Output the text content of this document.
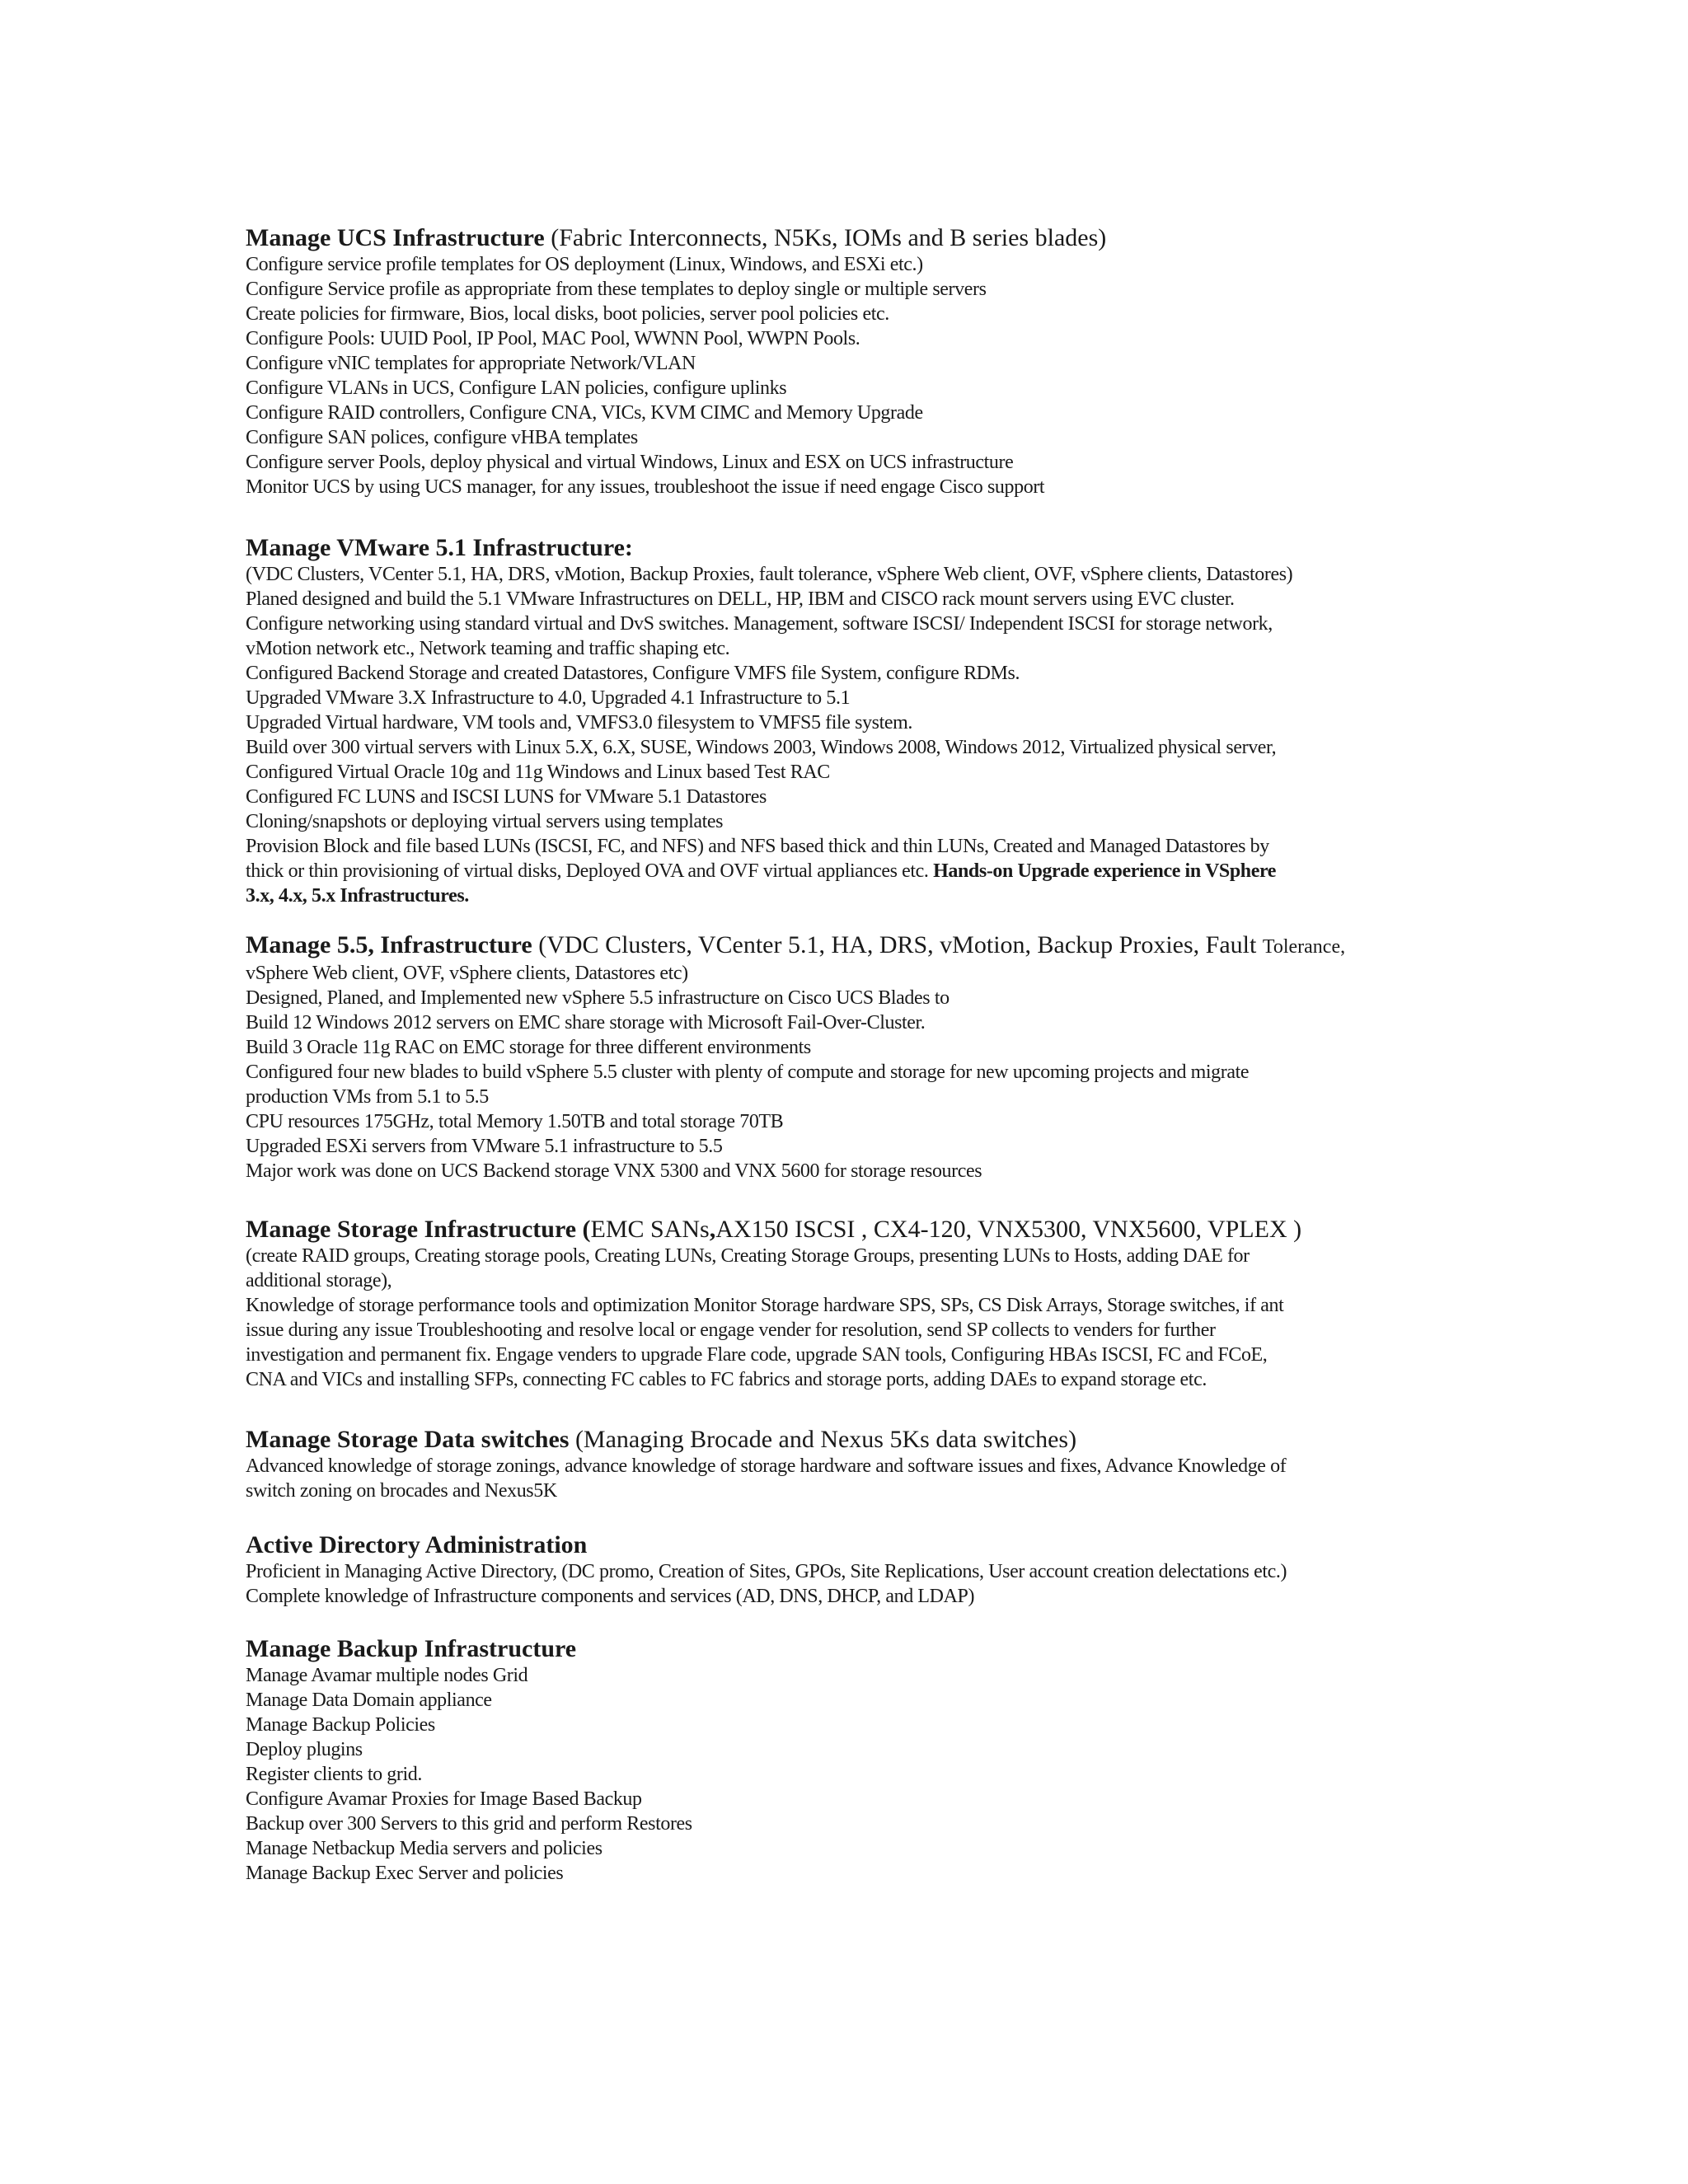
Manage UCS Infrastructure (Fabric Interconnects, N5Ks, IOMs and B series blades)

Configure service profile templates for OS deployment (Linux, Windows, and ESXi etc.)

Configure Service profile as appropriate from these templates to deploy single or multiple servers

Create policies for firmware, Bios, local disks, boot policies, server pool policies etc.

Configure Pools: UUID Pool, IP Pool, MAC Pool, WWNN Pool, WWPN Pools.

Configure vNIC templates for appropriate Network/VLAN

Configure VLANs in UCS, Configure LAN policies, configure uplinks

Configure RAID controllers, Configure CNA, VICs, KVM CIMC and Memory Upgrade

Configure SAN polices, configure vHBA templates

Configure server Pools, deploy physical and virtual Windows, Linux and ESX on UCS infrastructure

Monitor UCS by using UCS manager, for any issues, troubleshoot the issue if need engage Cisco support

Manage VMware 5.1 Infrastructure:

(VDC Clusters, VCenter 5.1, HA, DRS, vMotion, Backup Proxies, fault tolerance, vSphere Web client, OVF, vSphere clients, Datastores)

Planed designed and build the 5.1 VMware Infrastructures on DELL, HP, IBM and CISCO rack mount servers using EVC cluster.

Configure networking using standard virtual and DvS switches. Management, software ISCSI/ Independent ISCSI for storage network,

vMotion network etc., Network teaming and traffic shaping etc.

Configured Backend Storage and created Datastores, Configure VMFS file System, configure RDMs.

Upgraded VMware 3.X Infrastructure to 4.0, Upgraded 4.1 Infrastructure to 5.1

Upgraded Virtual hardware, VM tools and, VMFS3.0 filesystem to VMFS5 file system.

Build over 300 virtual servers with Linux 5.X, 6.X, SUSE, Windows 2003, Windows 2008, Windows 2012, Virtualized physical server,

Configured Virtual Oracle 10g and 11g Windows and Linux based Test RAC

Configured FC LUNS and ISCSI LUNS for VMware 5.1 Datastores

Cloning/snapshots or deploying virtual servers using templates

Provision Block and file based LUNs (ISCSI, FC, and NFS) and NFS based thick and thin LUNs, Created and Managed Datastores by

thick or thin provisioning of virtual disks, Deployed OVA and OVF virtual appliances etc. Hands-on Upgrade experience in VSphere

3.x, 4.x, 5.x Infrastructures.

Manage 5.5, Infrastructure (VDC Clusters, VCenter 5.1, HA, DRS, vMotion, Backup Proxies, Fault Tolerance,

vSphere Web client, OVF, vSphere clients, Datastores etc)

Designed, Planed, and Implemented new vSphere 5.5 infrastructure on Cisco UCS Blades to

Build 12 Windows 2012 servers on EMC share storage with Microsoft Fail-Over-Cluster.

Build 3 Oracle 11g RAC on EMC storage for three different environments

Configured four new blades to build vSphere 5.5 cluster with plenty of compute and storage for new upcoming projects and migrate

production VMs from 5.1 to 5.5

CPU resources 175GHz, total Memory 1.50TB and total storage 70TB

Upgraded ESXi servers from VMware 5.1 infrastructure to 5.5

Major work was done on UCS Backend storage VNX 5300 and VNX 5600 for storage resources

Manage Storage Infrastructure (EMC SANs,AX150 ISCSI , CX4-120, VNX5300, VNX5600, VPLEX )

(create RAID groups, Creating storage pools, Creating LUNs, Creating Storage Groups, presenting LUNs to Hosts, adding DAE for

additional storage),

Knowledge of storage performance tools and optimization Monitor Storage hardware SPS, SPs, CS Disk Arrays, Storage switches, if ant

issue during any issue Troubleshooting and resolve local or engage vender for resolution, send SP collects to venders for further

investigation and permanent fix. Engage venders to upgrade Flare code, upgrade SAN tools, Configuring HBAs ISCSI, FC and FCoE,

CNA and VICs and installing SFPs, connecting FC cables to FC fabrics and storage ports, adding DAEs to expand storage etc.

Manage Storage Data switches (Managing Brocade and Nexus 5Ks data switches)

Advanced knowledge of storage zonings, advance knowledge of storage hardware and software issues and fixes, Advance Knowledge of

switch zoning on brocades and Nexus5K

Active Directory Administration

Proficient in Managing Active Directory, (DC promo, Creation of Sites, GPOs, Site Replications, User account creation delectations etc.)

Complete knowledge of Infrastructure components and services (AD, DNS, DHCP, and LDAP)

Manage Backup Infrastructure

Manage Avamar multiple nodes Grid

Manage Data Domain appliance

Manage Backup Policies

Deploy plugins

Register clients to grid.

Configure Avamar Proxies for Image Based Backup

Backup over 300 Servers to this grid and perform Restores

Manage Netbackup Media servers and policies

Manage Backup Exec Server and policies
